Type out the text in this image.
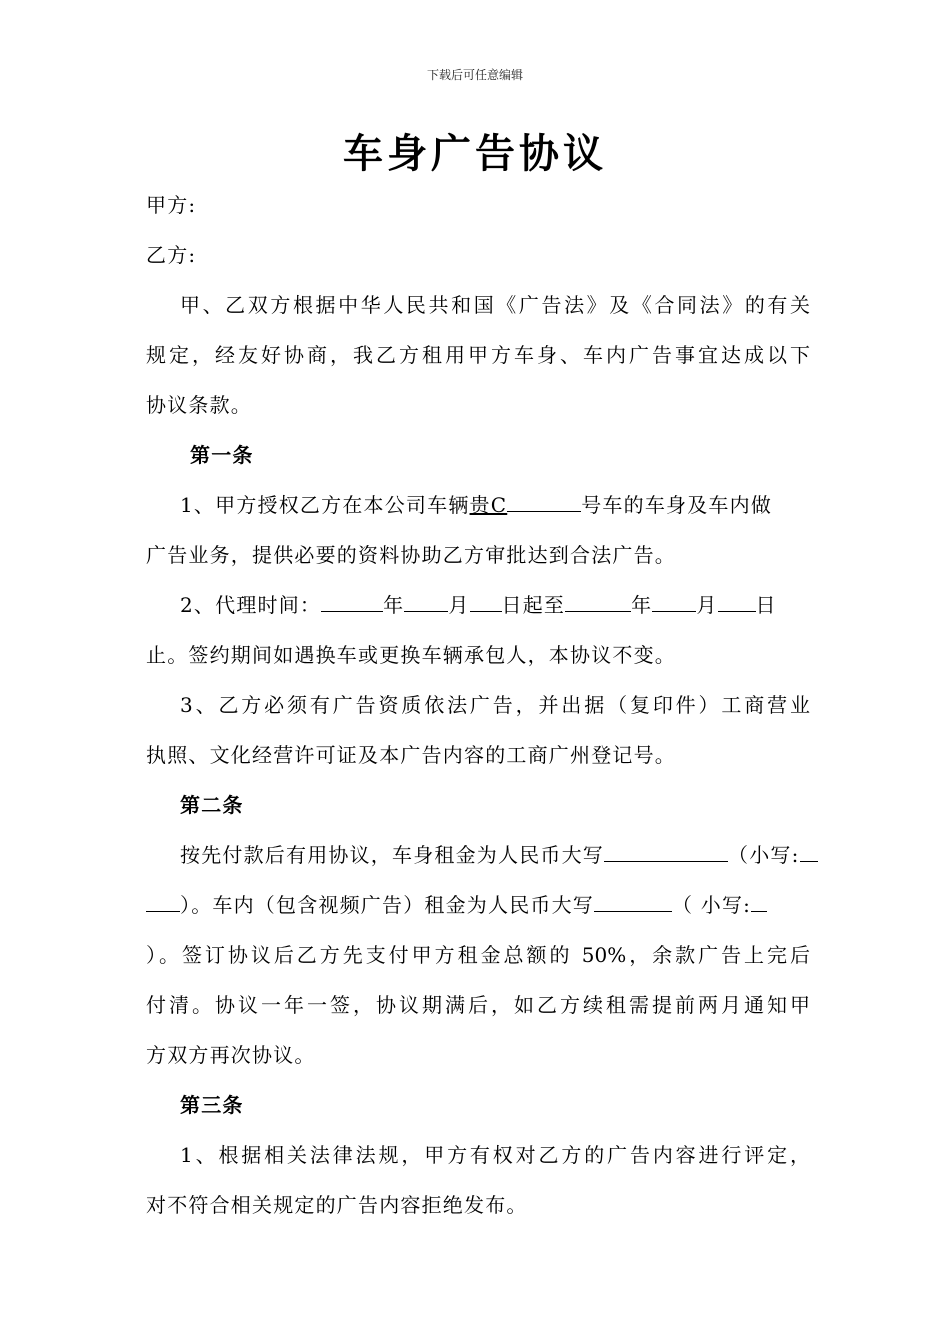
下载后可任意编辑
车身广告协议
甲方:
乙方:
甲、乙双方根据中华人民共和国《广告法》及《合同法》的有关
规定，经友好协商，我乙方租用甲方车身、车内广告事宜达成以下
协议条款。
第一条
1、甲方授权乙方在本公司车辆贵C	号车的车身及车内做
广告业务，提供必要的资料协助乙方审批达到合法广告。
2、代理时间：	年 月 日起至	年 月 日
止。签约期间如遇换车或更换车辆承包人，本协议不变。
3、乙方必须有广告资质依法广告，并出据（复印件）工商营业
执照、文化经营许可证及本广告内容的工商广州登记号。
第二条
按先付款后有用协议，车身租金为人民币大写	（小写:
）。车内（包含视频广告）租金为人民币大写	（ 小写:
）。签订协议后乙方先支付甲方租金总额的 50%，余款广告上完后
付清。协议一年一签，协议期满后，如乙方续租需提前两月通知甲
方双方再次协议。
第三条
1、根据相关法律法规，甲方有权对乙方的广告内容进行评定，
对不符合相关规定的广告内容拒绝发布。
